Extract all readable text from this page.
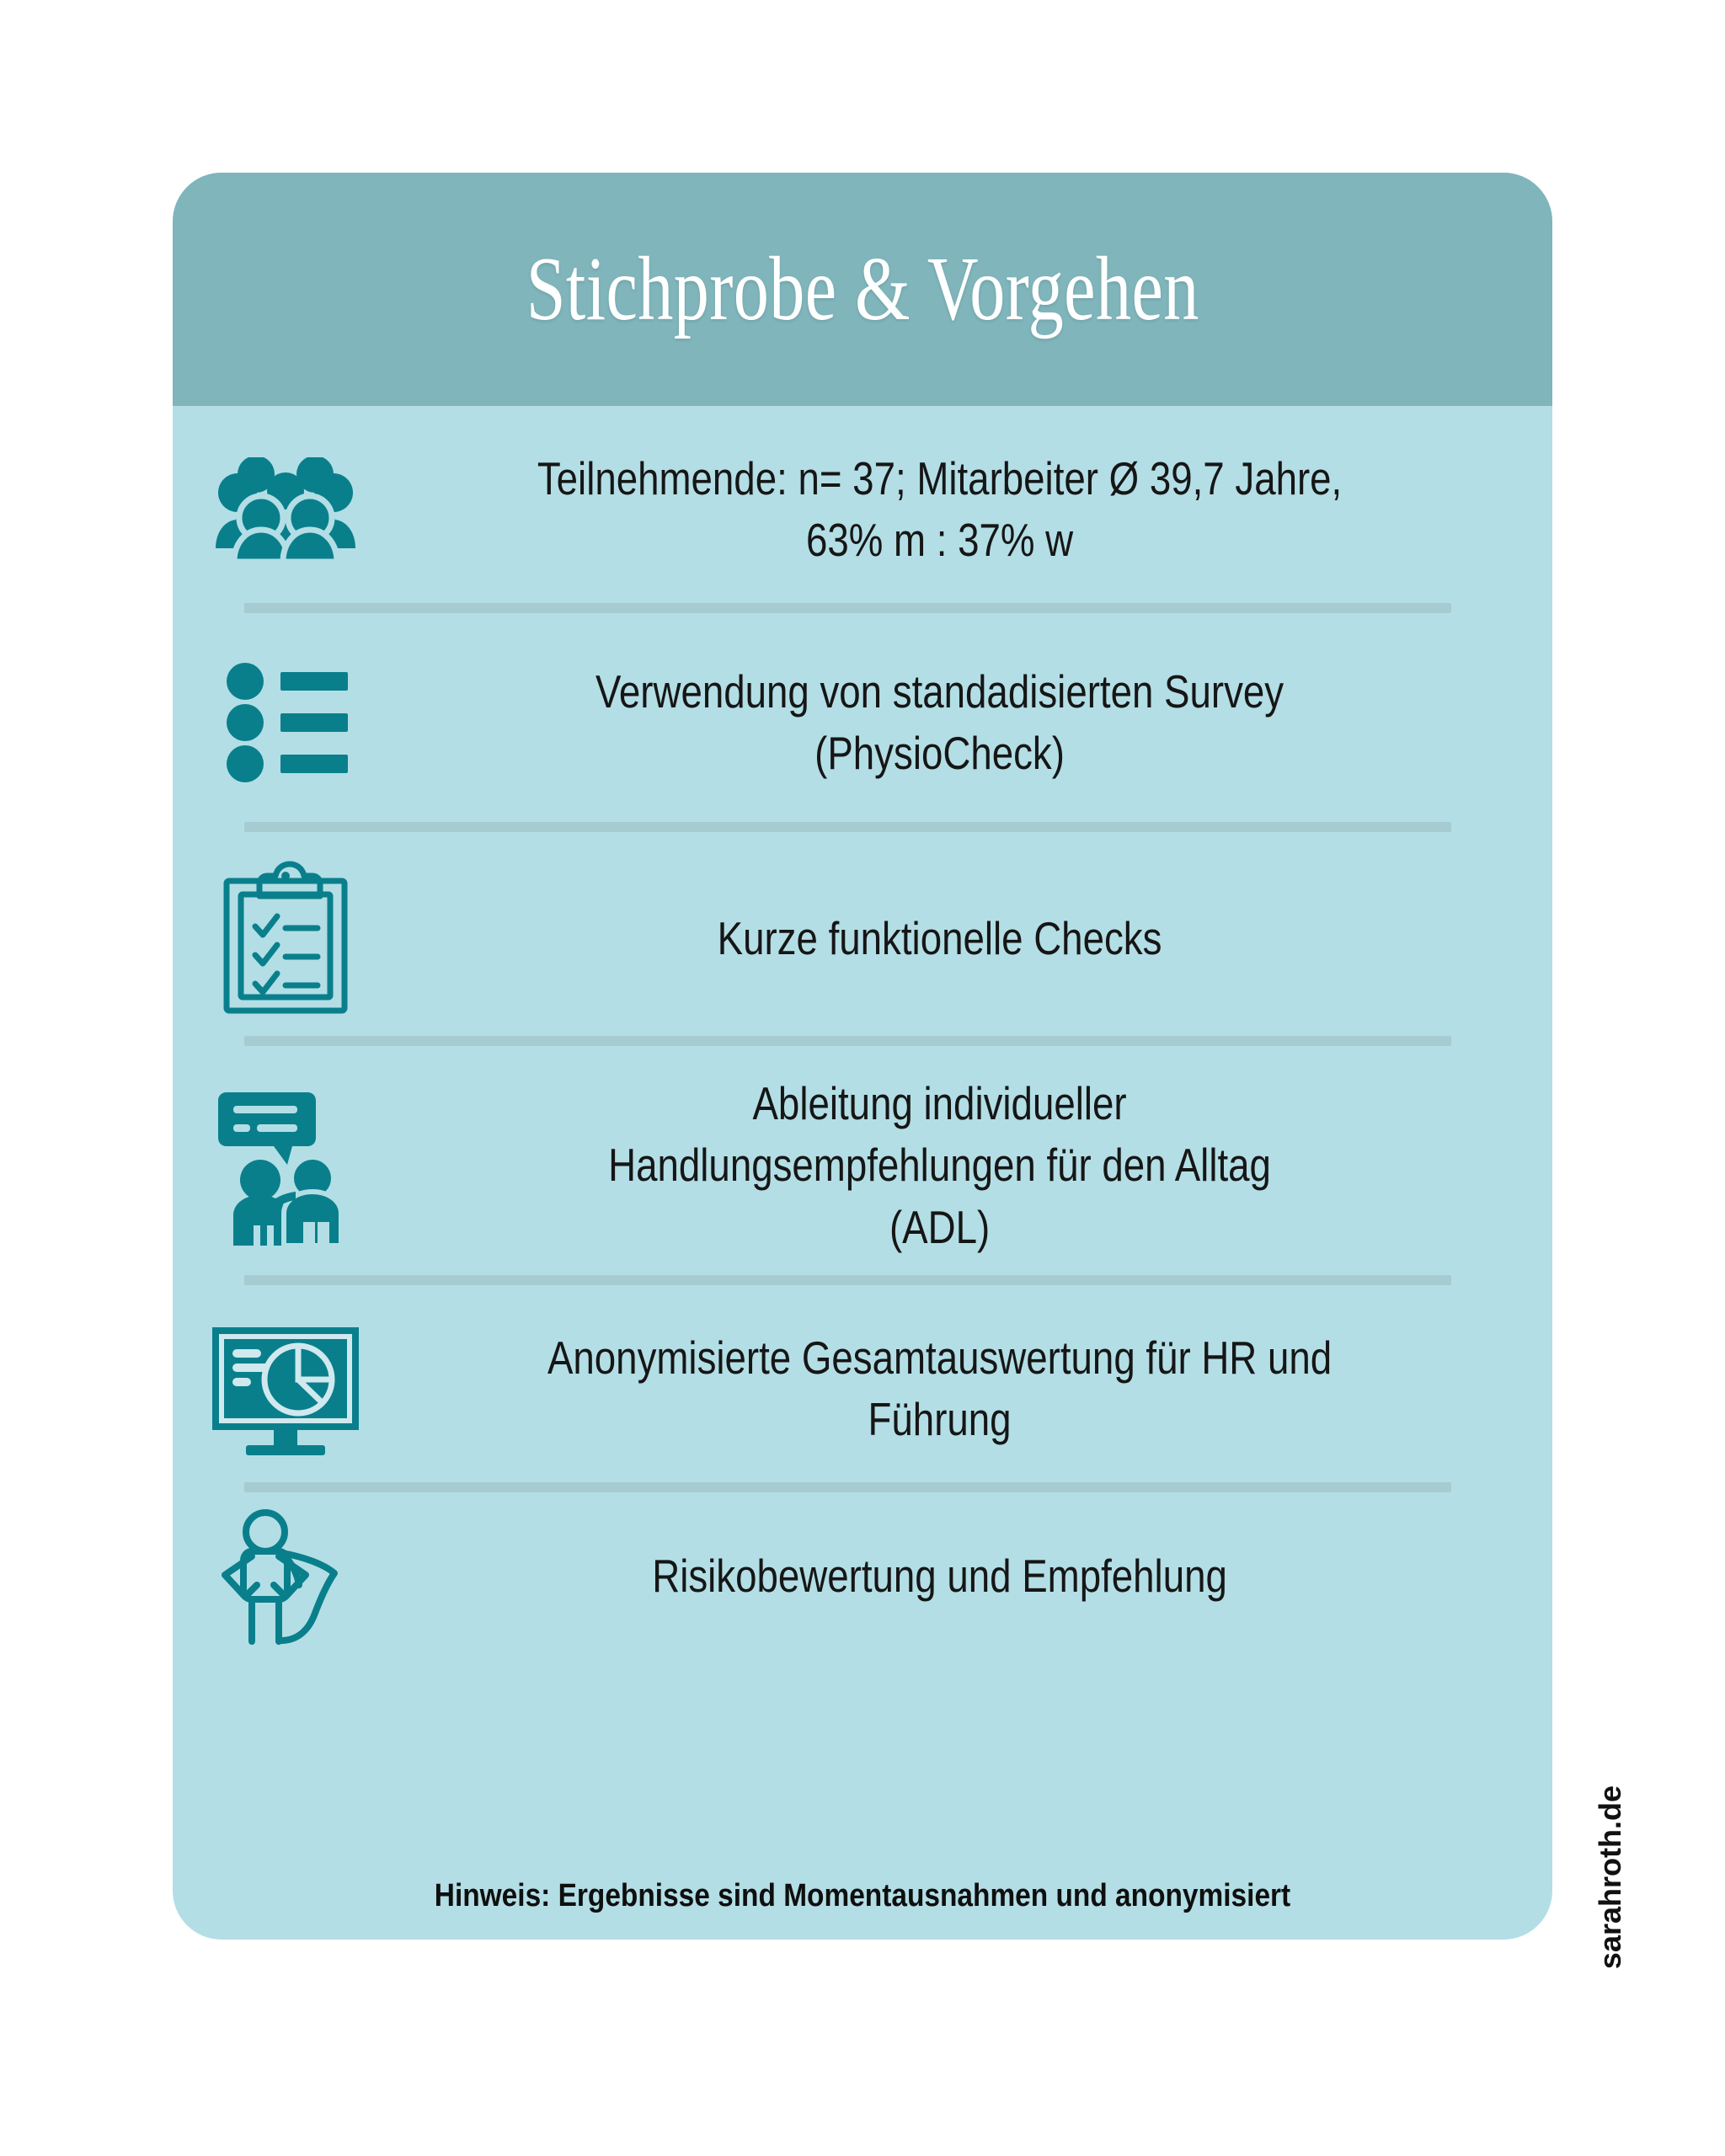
Stichprobe & Vorgehen
Teilnehmende: n= 37; Mitarbeiter Ø 39,7 Jahre,
63% m : 37% w
Verwendung von standadisierten Survey
(PhysioCheck)
Kurze funktionelle Checks
Ableitung individueller
Handlungsempfehlungen für den Alltag
(ADL)
Anonymisierte Gesamtauswertung für HR und
Führung
Risikobewertung und Empfehlung
Hinweis: Ergebnisse sind Momentausnahmen und anonymisiert	sarahroth.de
